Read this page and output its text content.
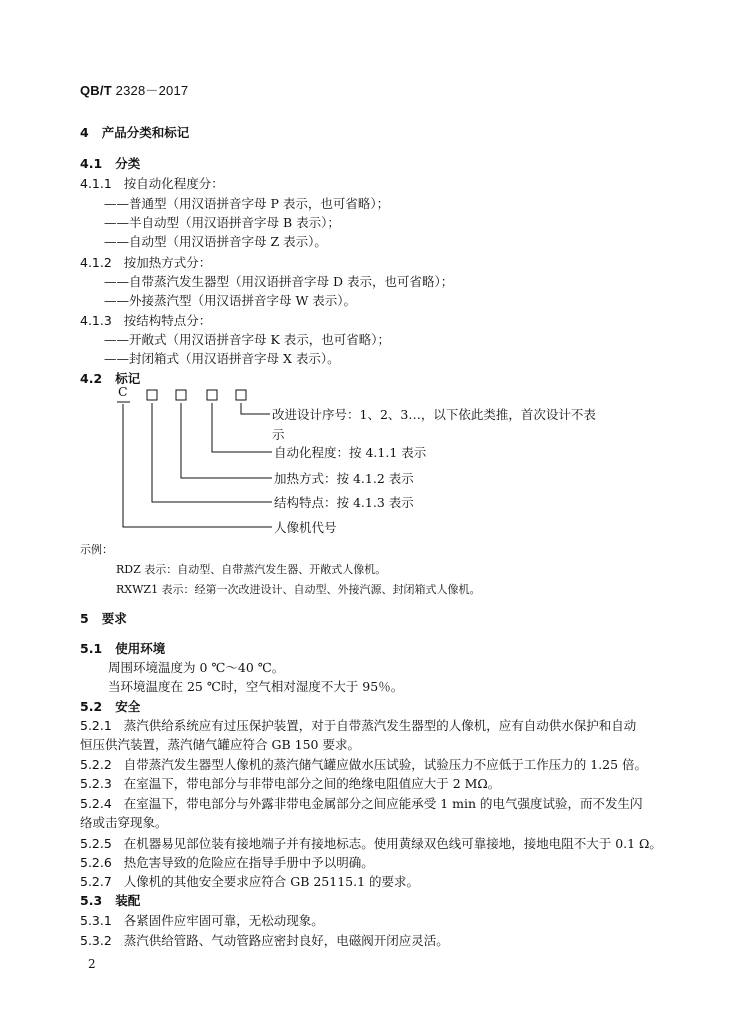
QB/T 2328－2017
4 产品分类和标记
4.1 分类
4.1.1 按自动化程度分：
——普通型（用汉语拼音字母 P 表示，也可省略）；
——半自动型（用汉语拼音字母 B 表示）；
——自动型（用汉语拼音字母 Z 表示）。
4.1.2 按加热方式分：
——自带蒸汽发生器型（用汉语拼音字母 D 表示，也可省略）；
——外接蒸汽型（用汉语拼音字母 W 表示）。
4.1.3 按结构特点分：
——开敞式（用汉语拼音字母 K 表示，也可省略）；
——封闭箱式（用汉语拼音字母 X 表示）。
4.2 标记
C
改进设计序号：1、2、3…，以下依此类推，首次设计不表
示
自动化程度：按 4.1.1 表示
加热方式：按 4.1.2 表示
结构特点：按 4.1.3 表示
人像机代号
示例：
RDZ 表示：自动型、自带蒸汽发生器、开敞式人像机。
RXWZ1 表示：经第一次改进设计、自动型、外接汽源、封闭箱式人像机。
5 要求
5.1 使用环境
周围环境温度为 0 ℃～40 ℃。
当环境温度在 25 ℃时，空气相对湿度不大于 95％。
5.2 安全
5.2.1 蒸汽供给系统应有过压保护装置，对于自带蒸汽发生器型的人像机，应有自动供水保护和自动
恒压供汽装置，蒸汽储气罐应符合 GB 150 要求。
5.2.2 自带蒸汽发生器型人像机的蒸汽储气罐应做水压试验，试验压力不应低于工作压力的 1.25 倍。
5.2.3 在室温下，带电部分与非带电部分之间的绝缘电阻值应大于 2 MΩ。
5.2.4 在室温下，带电部分与外露非带电金属部分之间应能承受 1 min 的电气强度试验，而不发生闪
络或击穿现象。
5.2.5 在机器易见部位装有接地端子并有接地标志。使用黄绿双色线可靠接地，接地电阻不大于 0.1 Ω。
5.2.6 热危害导致的危险应在指导手册中予以明确。
5.2.7 人像机的其他安全要求应符合 GB 25115.1 的要求。
5.3 装配
5.3.1 各紧固件应牢固可靠，无松动现象。
5.3.2 蒸汽供给管路、气动管路应密封良好，电磁阀开闭应灵活。
2
